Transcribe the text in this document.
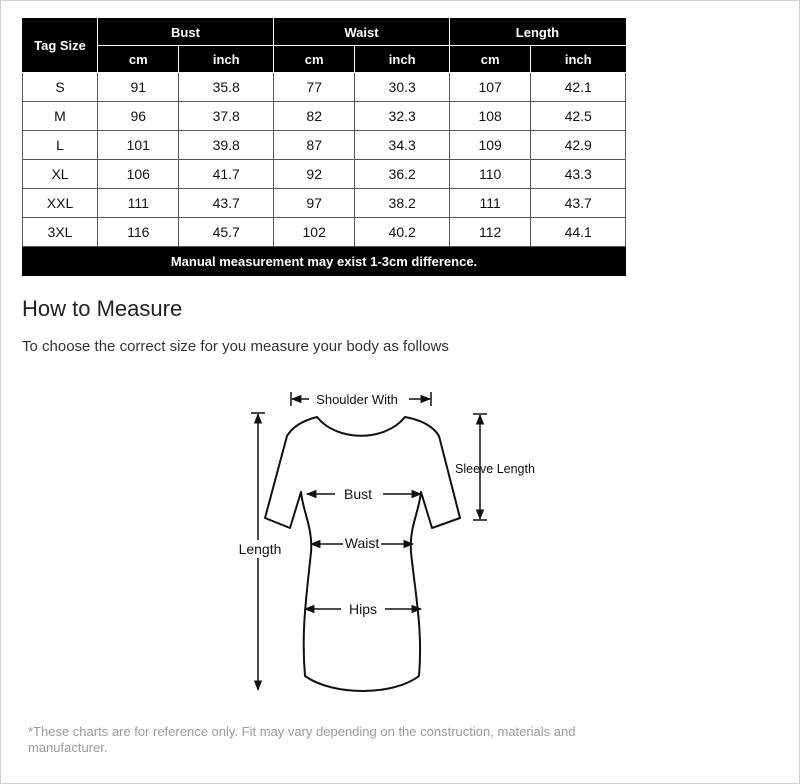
Tag Size	Bust		Waist		Length	
	cm	inch	cm	inch	cm	inch
S	91	35.8	77	30.3	107	42.1
M	96	37.8	82	32.3	108	42.5
L	101	39.8	87	34.3	109	42.9
XL	106	41.7	92	36.2	110	43.3
XXL	111	43.7	97	38.2	111	43.7
3XL	116	45.7	102	40.2	112	44.1
Manual measurement may exist 1-3cm difference.						
How to Measure
To choose the correct size for you measure your body as follows
Shoulder With
Sleeve Length
Length
Bust
Waist
Hips
*These charts are for reference only. Fit may vary depending on the construction, materials and manufacturer.
